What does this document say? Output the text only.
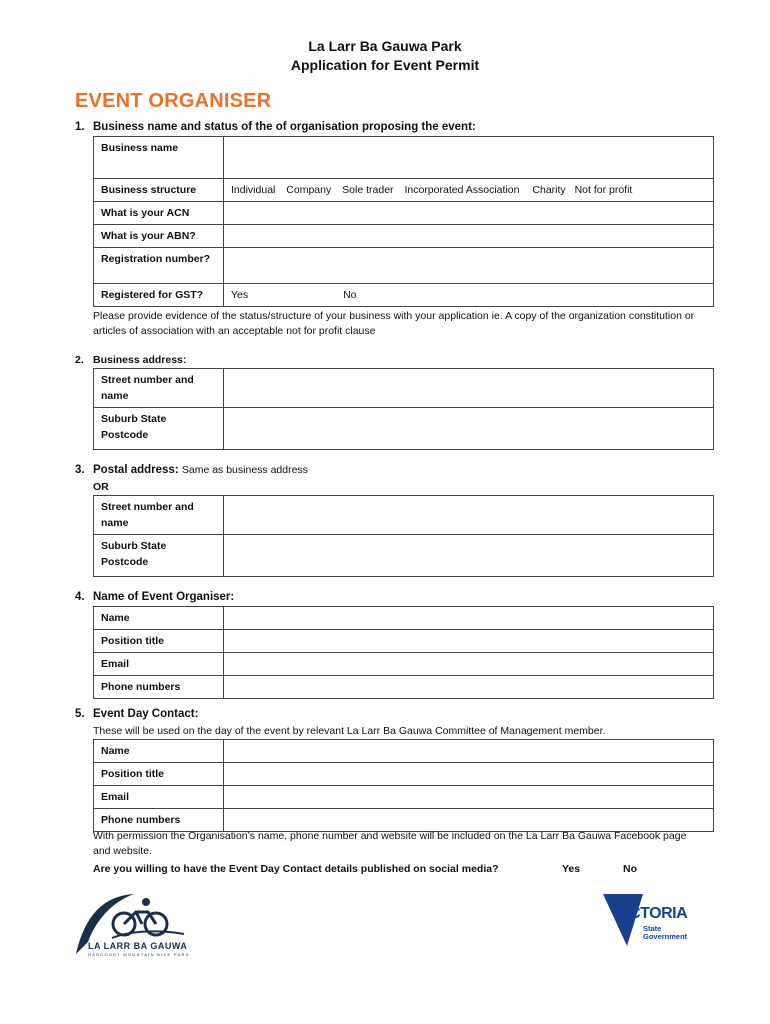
La Larr Ba Gauwa Park
Application for Event Permit
EVENT ORGANISER
1. Business name and status of the of organisation proposing the event:
Business name	
Business structure	Individual Company Sole trader Incorporated Association Charity Not for profit
What is your ACN	
What is your ABN?	
Registration number?	
Registered for GST?	Yes No
Please provide evidence of the status/structure of your business with your application ie. A copy of the organization constitution or articles of association with an acceptable not for profit clause
2. Business address:
Street number and name	
Suburb State Postcode	
3. Postal address: Same as business address
OR
Street number and name	
Suburb State Postcode	
4. Name of Event Organiser:
Name	
Position title	
Email	
Phone numbers	
5. Event Day Contact:
These will be used on the day of the event by relevant La Larr Ba Gauwa Committee of Management member.
Name	
Position title	
Email	
Phone numbers	
With permission the Organisation’s name, phone number and website will be included on the La Larr Ba Gauwa Facebook page and website.
Are you willing to have the Event Day Contact details published on social media?	Yes	No
LA LARR BA GAUWA
HARCOURT MOUNTAIN BIKE PARK
VICTORIA
State
Government
